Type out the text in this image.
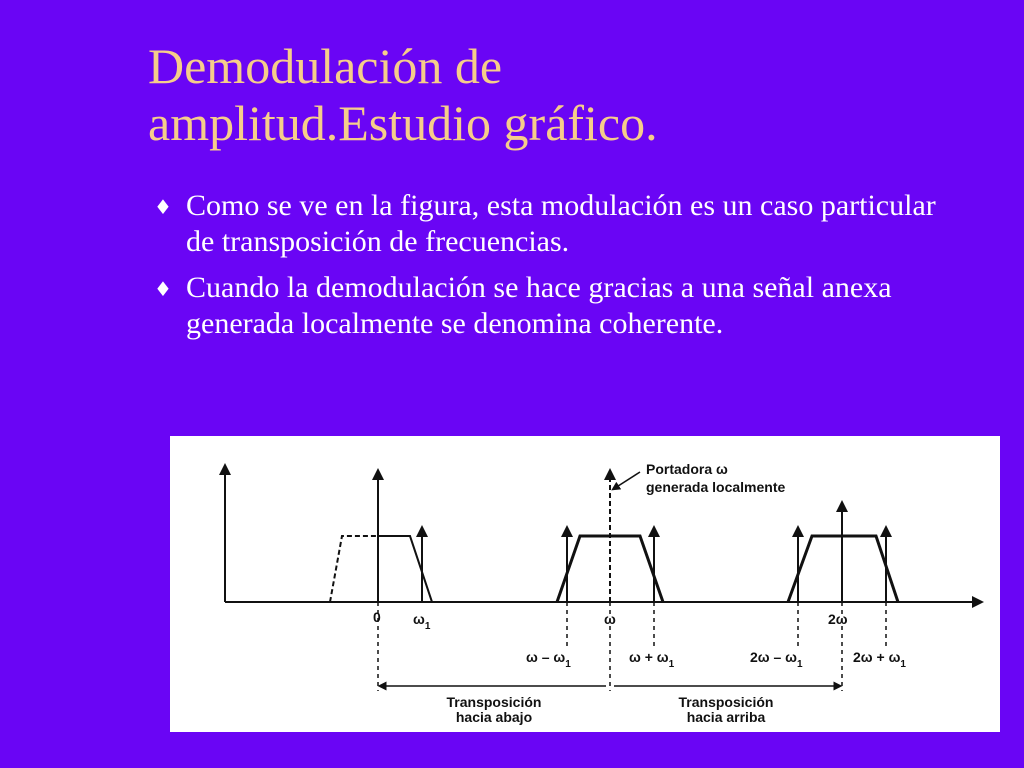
Demodulación de
amplitud.Estudio gráfico.
♦ Como se ve en la figura, esta modulación es un caso particular de transposición de frecuencias.
♦ Cuando la demodulación se hace gracias a una señal anexa generada localmente se denomina coherente.
Portadora ω
generada localmente
0 $\omega_1$	ω	2ω
ω – $\omega_1$	$\omega + \omega_1$	$2\omega - \omega_1$	$2\omega + \omega_1$
Transposición
hacia abajo
Transposición
hacia arriba
